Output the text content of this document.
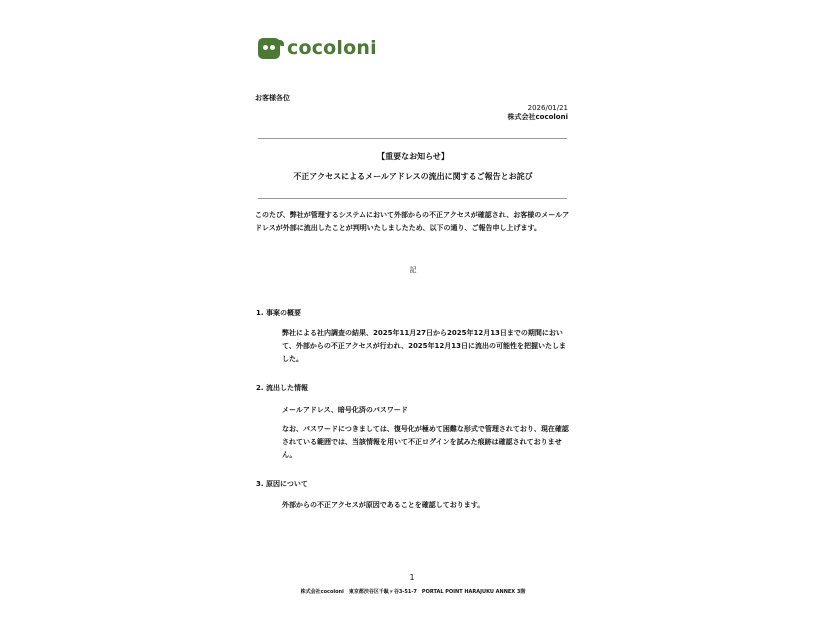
cocoloni
お客様各位
2026/01/21
株式会社cocoloni
【重要なお知らせ】
不正アクセスによるメールアドレスの流出に関するご報告とお詫び
このたび、弊社が管理するシステムにおいて外部からの不正アクセスが確認され、お客様のメールアドレスが外部に流出したことが判明いたしましたため、以下の通り、ご報告申し上げます。
記
1. 事案の概要
弊社による社内調査の結果、2025年11月27日から2025年12月13日までの期間において、外部からの不正アクセスが行われ、2025年12月13日に流出の可能性を把握いたしました。
2. 流出した情報
メールアドレス、暗号化済のパスワード
なお、パスワードにつきましては、復号化が極めて困難な形式で管理されており、現在確認されている範囲では、当該情報を用いて不正ログインを試みた痕跡は確認されておりません。
3. 原因について
外部からの不正アクセスが原因であることを確認しております。
1
株式会社cocoloni　東京都渋谷区千駄ヶ谷3-51-7　PORTAL POINT HARAJUKU ANNEX 3階
